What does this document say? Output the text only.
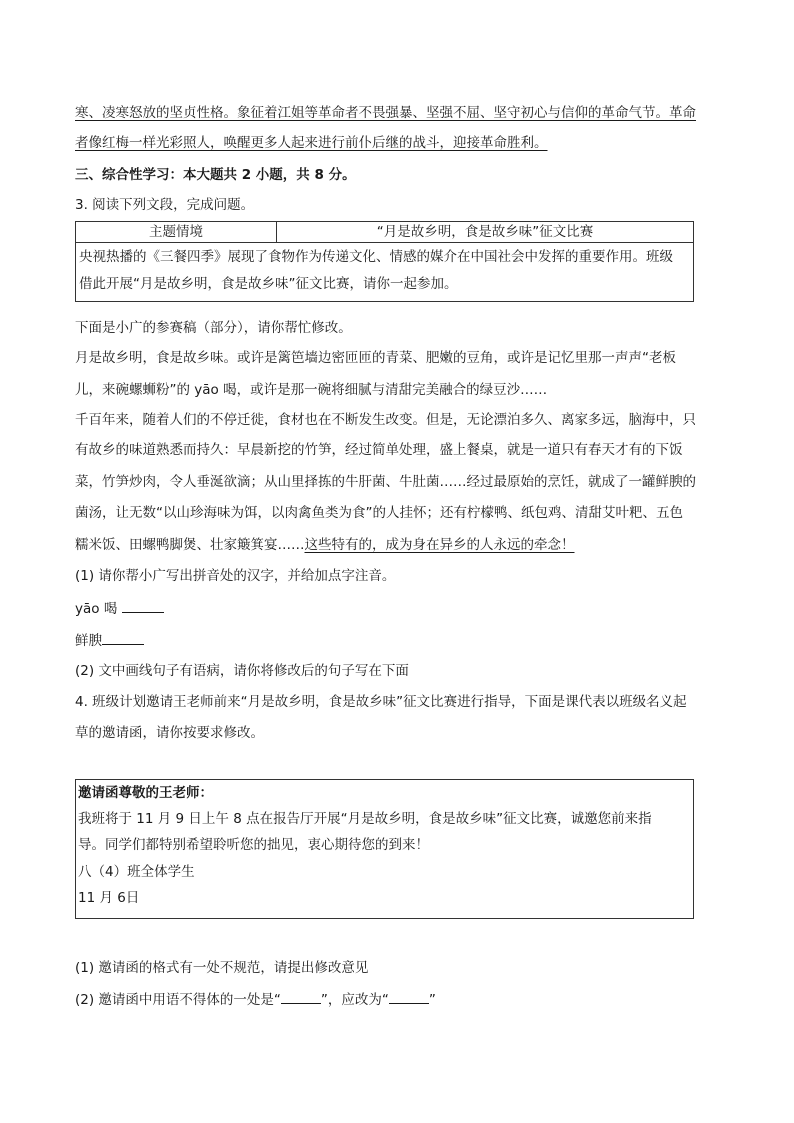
寒、凌寒怒放的坚贞性格。象征着江姐等革命者不畏强暴、坚强不屈、坚守初心与信仰的革命气节。革命
者像红梅一样光彩照人，唤醒更多人起来进行前仆后继的战斗，迎接革命胜利。
三、综合性学习：本大题共 2 小题，共 8 分。
3. 阅读下列文段，完成问题。
主题情境	“月是故乡明，食是故乡味”征文比赛

央视热播的《三餐四季》展现了食物作为传递文化、情感的媒介在中国社会中发挥的重要作用。班级
借此开展“月是故乡明，食是故乡味”征文比赛，请你一起参加。
下面是小广的参赛稿（部分），请你帮忙修改。
月是故乡明，食是故乡味。或许是篱笆墙边密匝匝的青菜、肥嫩的豆角，或许是记忆里那一声声“老板
儿，来碗螺蛳粉”的 yāo 喝，或许是那一碗将细腻与清甜完美融合的绿豆沙……
千百年来，随着人们的不停迁徙，食材也在不断发生改变。但是，无论漂泊多久、离家多远，脑海中，只
有故乡的味道熟悉而持久：早晨新挖的竹笋，经过简单处理，盛上餐桌，就是一道只有春天才有的下饭
菜，竹笋炒肉，令人垂涎欲滴；从山里择拣的牛肝菌、牛肚菌……经过最原始的烹饪，就成了一罐鲜腴的
菌汤，让无数“以山珍海味为饵，以肉禽鱼类为食”的人挂怀；还有柠檬鸭、纸包鸡、清甜艾叶粑、五色
糯米饭、田螺鸭脚煲、壮家簸箕宴……这些特有的，成为身在异乡的人永远的牵念！
(1) 请你帮小广写出拼音处的汉字，并给加点字注音。
yāo 喝
鲜腴
(2) 文中画线句子有语病，请你将修改后的句子写在下面
4. 班级计划邀请王老师前来“月是故乡明，食是故乡味”征文比赛进行指导，下面是课代表以班级名义起
草的邀请函，请你按要求修改。
邀请函尊敬的王老师：
我班将于 11 月 9 日上午 8 点在报告厅开展“月是故乡明，食是故乡味”征文比赛，诚邀您前来指
导。同学们都特别希望聆听您的拙见，衷心期待您的到来！
八（4）班全体学生
11 月 6日
(1) 邀请函的格式有一处不规范，请提出修改意见
(2) 邀请函中用语不得体的一处是“	”，应改为“	”
